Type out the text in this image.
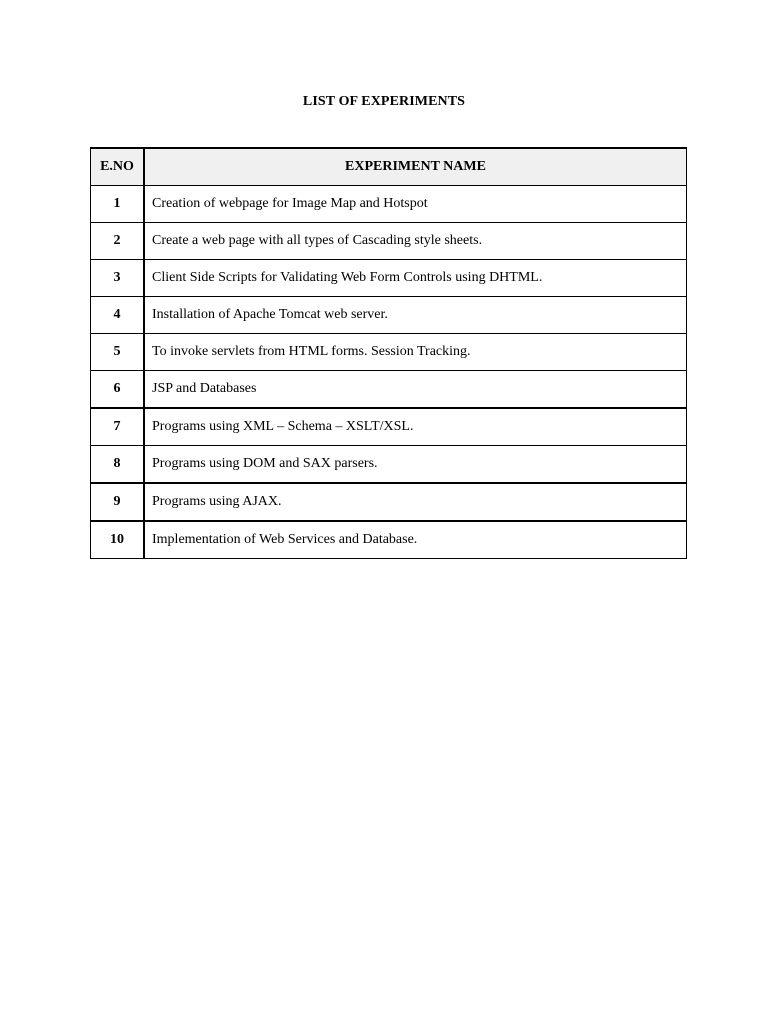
LIST OF EXPERIMENTS
E.NO	EXPERIMENT NAME
1	Creation of webpage for Image Map and Hotspot
2	Create a web page with all types of Cascading style sheets.
3	Client Side Scripts for Validating Web Form Controls using DHTML.
4	Installation of Apache Tomcat web server.
5	To invoke servlets from HTML forms. Session Tracking.
6	JSP and Databases
7	Programs using XML – Schema – XSLT/XSL.
8	Programs using DOM and SAX parsers.
9	Programs using AJAX.
10	Implementation of Web Services and Database.
